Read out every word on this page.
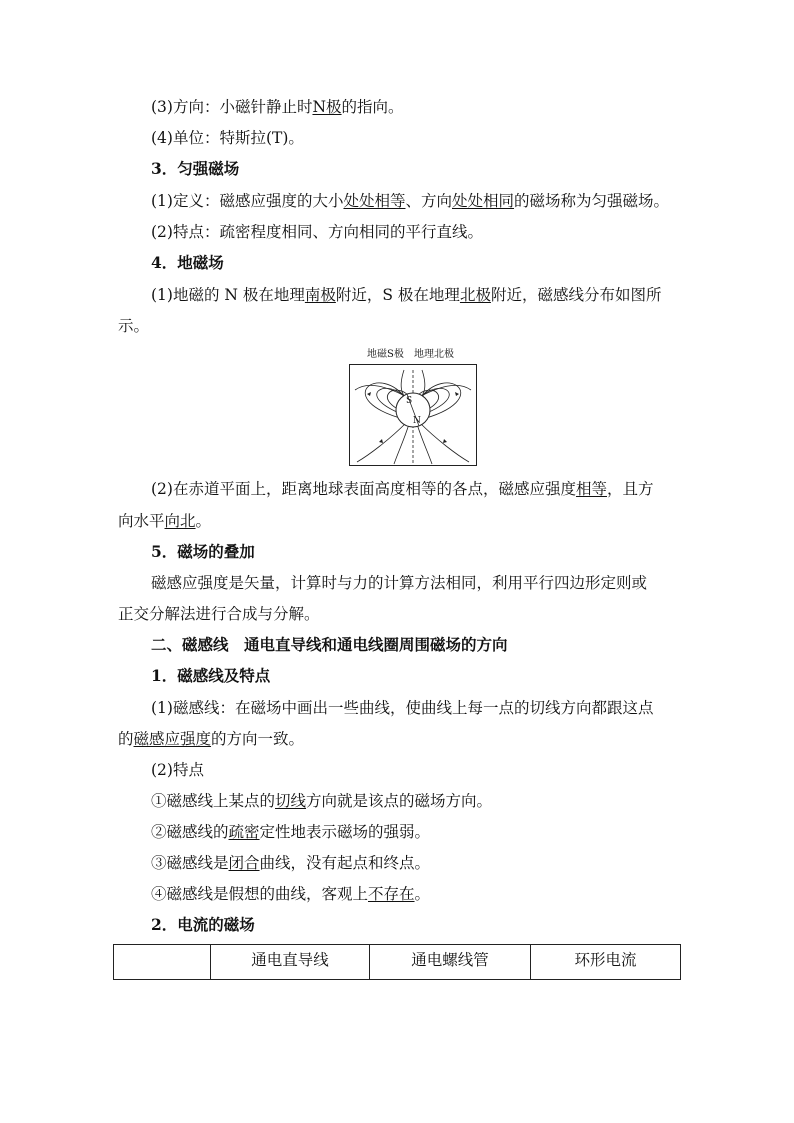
(3)方向：小磁针静止时N极的指向。
(4)单位：特斯拉(T)。
3．匀强磁场
(1)定义：磁感应强度的大小处处相等、方向处处相同的磁场称为匀强磁场。
(2)特点：疏密程度相同、方向相同的平行直线。
4．地磁场
(1)地磁的 N 极在地理南极附近，S 极在地理北极附近，磁感线分布如图所
示。
地磁S极 地理北极
S
N
(2)在赤道平面上，距离地球表面高度相等的各点，磁感应强度相等，且方
向水平向北。
5．磁场的叠加
磁感应强度是矢量，计算时与力的计算方法相同，利用平行四边形定则或
正交分解法进行合成与分解。
二、磁感线　通电直导线和通电线圈周围磁场的方向
1．磁感线及特点
(1)磁感线：在磁场中画出一些曲线，使曲线上每一点的切线方向都跟这点
的磁感应强度的方向一致。
(2)特点
①磁感线上某点的切线方向就是该点的磁场方向。
②磁感线的疏密定性地表示磁场的强弱。
③磁感线是闭合曲线，没有起点和终点。
④磁感线是假想的曲线，客观上不存在。
2．电流的磁场
	通电直导线	通电螺线管	环形电流
